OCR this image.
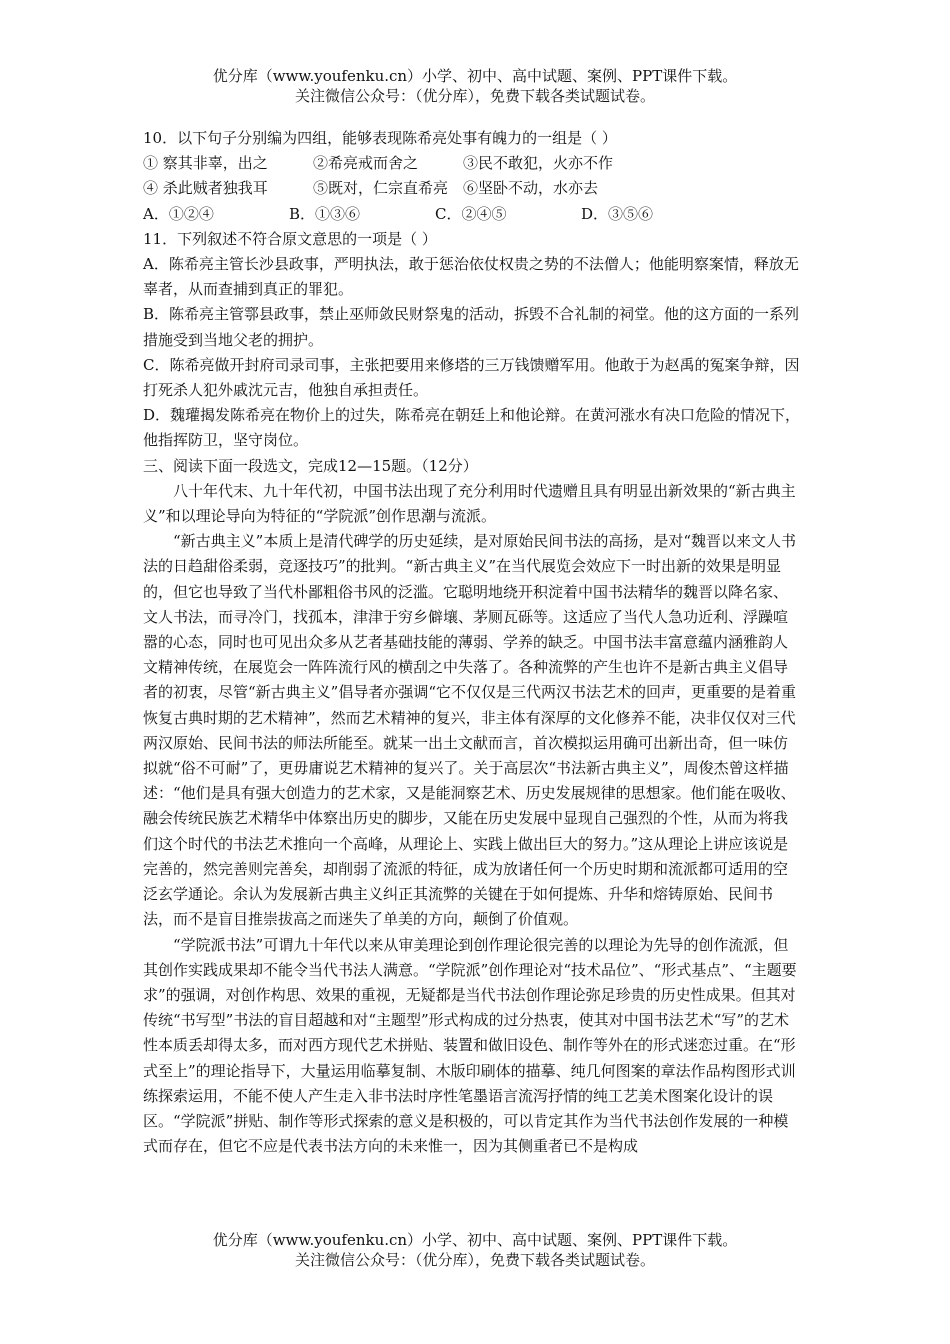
优分库（www.youfenku.cn）小学、初中、高中试题、案例、PPT课件下载。
关注微信公众号：（优分库），免费下载各类试题试卷。

10．以下句子分别编为四组，能够表现陈希亮处事有魄力的一组是（ ）

① 察其非辜，出之	②希亮戒而舍之	③民不敢犯，火亦不作
④ 杀此贼者独我耳	⑤既对，仁宗直希亮 ⑥坚卧不动，水亦去
A．①②④	B．①③⑥	C．②④⑤	D．③⑤⑥

11．下列叙述不符合原文意思的一项是（ ）

A．陈希亮主管长沙县政事，严明执法，敢于惩治依仗权贵之势的不法僧人；他能明察案情，释放无辜者，从而查捕到真正的罪犯。

B．陈希亮主管鄠县政事，禁止巫师敛民财祭鬼的活动，拆毁不合礼制的祠堂。他的这方面的一系列措施受到当地父老的拥护。

C．陈希亮做开封府司录司事，主张把要用来修塔的三万钱馈赠军用。他敢于为赵禹的冤案争辩，因打死杀人犯外戚沈元吉，他独自承担责任。

D．魏瓘揭发陈希亮在物价上的过失，陈希亮在朝廷上和他论辩。在黄河涨水有决口危险的情况下，他指挥防卫，坚守岗位。

三、阅读下面一段选文，完成12—15题。（12分）

八十年代末、九十年代初，中国书法出现了充分利用时代遗赠且具有明显出新效果的“新古典主义”和以理论导向为特征的“学院派”创作思潮与流派。

“新古典主义”本质上是清代碑学的历史延续，是对原始民间书法的高扬，是对“魏晋以来文人书法的日趋甜俗柔弱，竞逐技巧”的批判。“新古典主义”在当代展览会效应下一时出新的效果是明显的，但它也导致了当代朴鄙粗俗书风的泛滥。它聪明地绕开积淀着中国书法精华的魏晋以降名家、文人书法，而寻冷门，找孤本，津津于穷乡僻壤、茅厕瓦砾等。这适应了当代人急功近利、浮躁喧嚣的心态，同时也可见出众多从艺者基础技能的薄弱、学养的缺乏。中国书法丰富意蕴内涵雅韵人文精神传统，在展览会一阵阵流行风的横刮之中失落了。各种流弊的产生也许不是新古典主义倡导者的初衷，尽管“新古典主义”倡导者亦强调“它不仅仅是三代两汉书法艺术的回声，更重要的是着重恢复古典时期的艺术精神”，然而艺术精神的复兴，非主体有深厚的文化修养不能，决非仅仅对三代两汉原始、民间书法的师法所能至。就某一出土文献而言，首次模拟运用确可出新出奇，但一味仿拟就“俗不可耐”了，更毋庸说艺术精神的复兴了。关于高层次“书法新古典主义”，周俊杰曾这样描述：“他们是具有强大创造力的艺术家，又是能洞察艺术、历史发展规律的思想家。他们能在吸收、融会传统民族艺术精华中体察出历史的脚步，又能在历史发展中显现自己强烈的个性，从而为将我们这个时代的书法艺术推向一个高峰，从理论上、实践上做出巨大的努力。”这从理论上讲应该说是完善的，然完善则完善矣，却削弱了流派的特征，成为放诸任何一个历史时期和流派都可适用的空泛玄学通论。余认为发展新古典主义纠正其流弊的关键在于如何提炼、升华和熔铸原始、民间书法，而不是盲目推崇拔高之而迷失了单美的方向，颠倒了价值观。

“学院派书法”可谓九十年代以来从审美理论到创作理论很完善的以理论为先导的创作流派，但其创作实践成果却不能令当代书法人满意。“学院派”创作理论对“技术品位”、“形式基点”、“主题要求”的强调，对创作构思、效果的重视，无疑都是当代书法创作理论弥足珍贵的历史性成果。但其对传统“书写型”书法的盲目超越和对“主题型”形式构成的过分热衷，使其对中国书法艺术“写”的艺术性本质丢却得太多，而对西方现代艺术拼贴、装置和做旧设色、制作等外在的形式迷恋过重。在“形式至上”的理论指导下，大量运用临摹复制、木版印刷体的描摹、纯几何图案的章法作品构图形式训练探索运用，不能不使人产生走入非书法时序性笔墨语言流泻抒情的纯工艺美术图案化设计的误区。“学院派”拼贴、制作等形式探索的意义是积极的，可以肯定其作为当代书法创作发展的一种模式而存在，但它不应是代表书法方向的未来惟一，因为其侧重者已不是构成

优分库（www.youfenku.cn）小学、初中、高中试题、案例、PPT课件下载。
关注微信公众号：（优分库），免费下载各类试题试卷。
